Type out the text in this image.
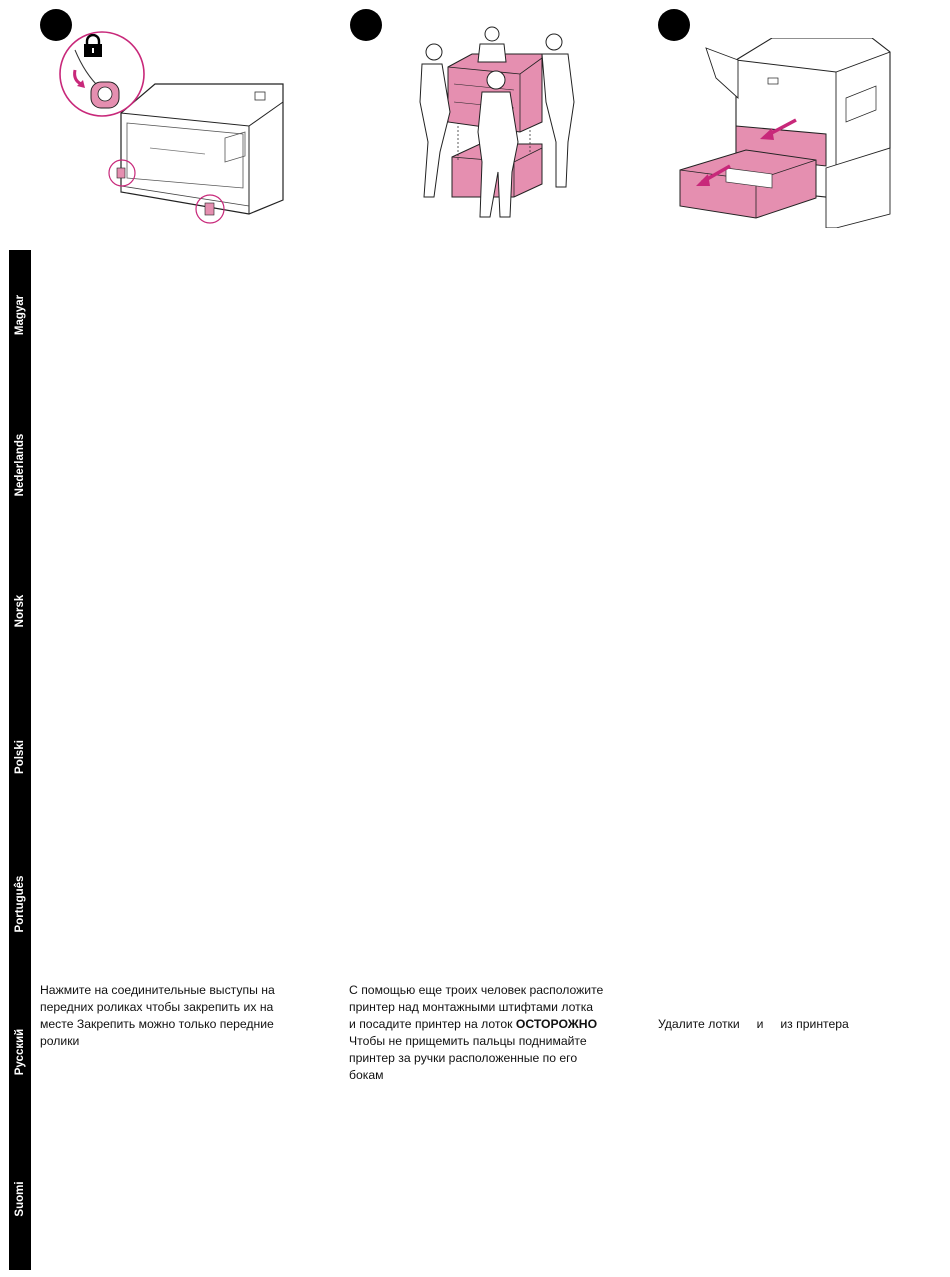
Magyar
Nederlands
Norsk
Polski
Português
Русский
Suomi

Нажмите на соединительные выступы на

передних роликах чтобы закрепить их на

месте Закрепить можно только передние

ролики

С помощью еще троих человек расположите

принтер над монтажными штифтами лотка

и посадите принтер на лоток ОСТОРОЖНО

Чтобы не прищемить пальцы поднимайте

принтер за ручки расположенные по его

бокам

Удалите лотки     и     из принтера
